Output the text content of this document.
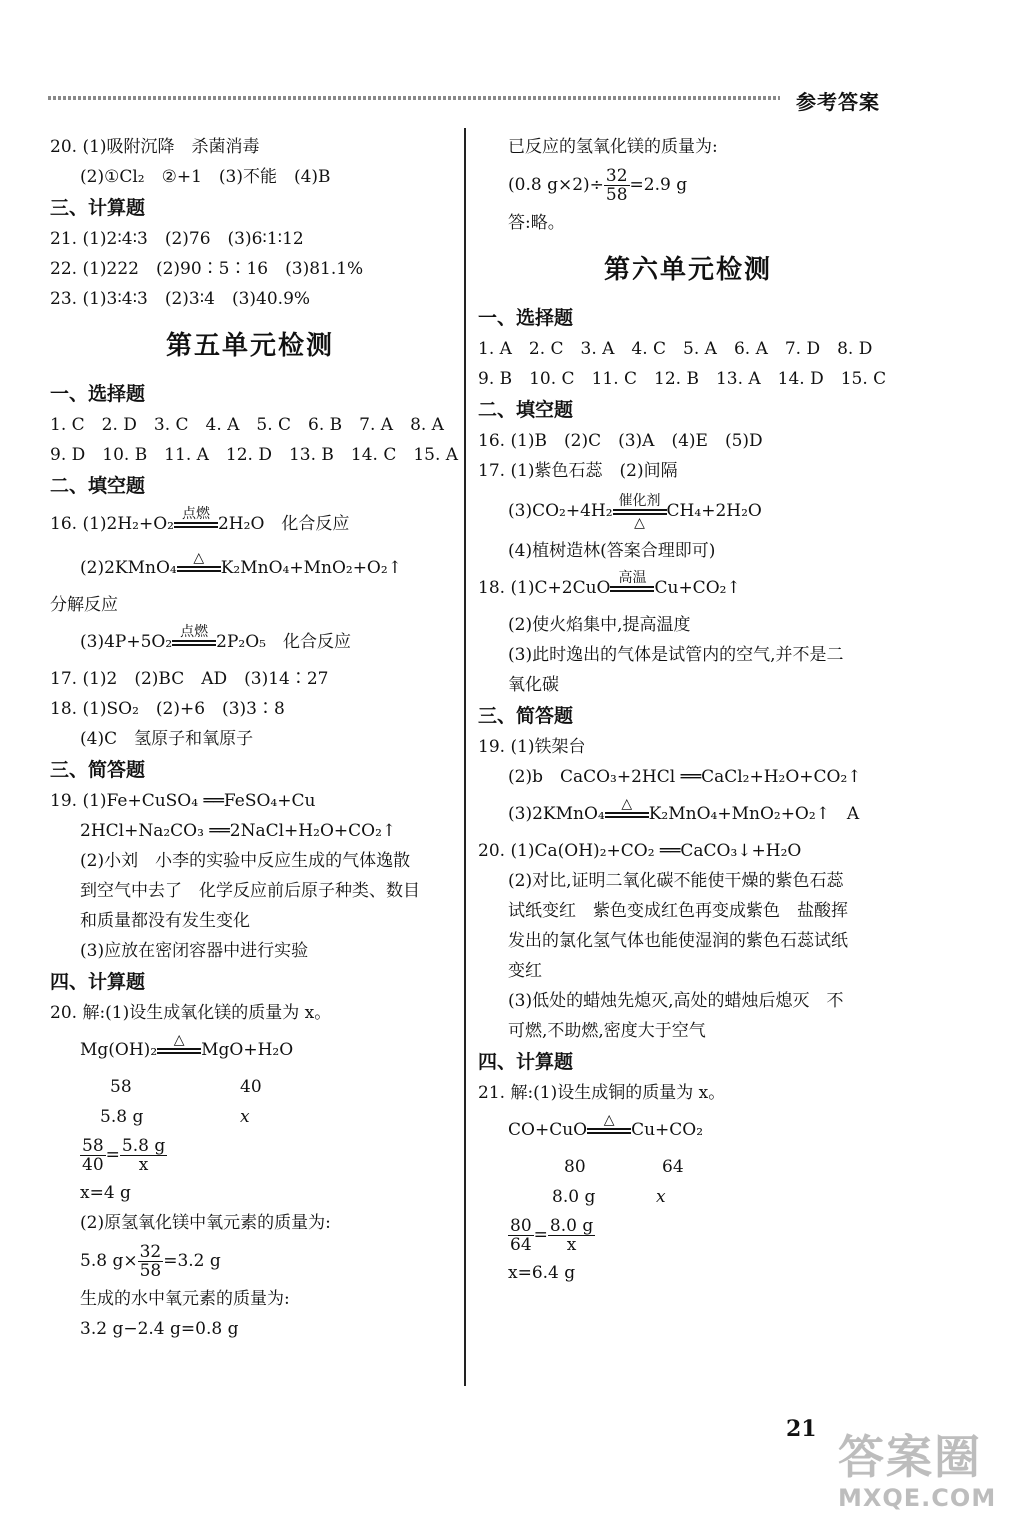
参考答案
20. (1)吸附沉降　杀菌消毒
(2)①Cl₂　②+1　(3)不能　(4)B
三、计算题
21. (1)2∶4∶3　(2)76　(3)6∶1∶12
22. (1)222　(2)90∶5∶16　(3)81.1%
23. (1)3∶4∶3　(2)3∶4　(3)40.9%
第五单元检测
一、选择题
1. C　2. D　3. C　4. A　5. C　6. B　7. A　8. A
9. D　10. B　11. A　12. D　13. B　14. C　15. A
二、填空题
16. (1)2H₂+O₂
点燃

2H₂O　化合反应
(2)2KMnO₄
△

K₂MnO₄+MnO₂+O₂↑
分解反应
(3)4P+5O₂
点燃

2P₂O₅　化合反应
17. (1)2　(2)BC　AD　(3)14∶27
18. (1)SO₂　(2)+6　(3)3∶8
(4)C　氢原子和氧原子
三、简答题
19. (1)Fe+CuSO₄ ══FeSO₄+Cu
2HCl+Na₂CO₃ ══2NaCl+H₂O+CO₂↑
(2)小刘　小李的实验中反应生成的气体逸散
到空气中去了　化学反应前后原子种类、数目
和质量都没有发生变化
(3)应放在密闭容器中进行实验
四、计算题
20. 解:(1)设生成氧化镁的质量为 x。
Mg(OH)₂
△

MgO+H₂O
58	40
5.8 g	x
$\frac{58}{40} = \frac{5.8 g}{x}$
x=4 g
(2)原氢氧化镁中氧元素的质量为:
5.8 $g\times \frac{32}{58} =3.2$ g
生成的水中氧元素的质量为:
3.2 g−2.4 g=0.8 g
已反应的氢氧化镁的质量为:
(0.8 $g\times 2)\div \frac{32}{58} =2.9$ g
答:略。
第六单元检测
一、选择题
1. A　2. C　3. A　4. C　5. A　6. A　7. D　8. D
9. B　10. C　11. C　12. B　13. A　14. D　15. C
二、填空题
16. (1)B　(2)C　(3)A　(4)E　(5)D
17. (1)紫色石蕊　(2)间隔
(3)CO₂+4H₂
催化剂
△
CH₄+2H₂O
(4)植树造林(答案合理即可)
18. (1)C+2CuO
高温

Cu+CO₂↑
(2)使火焰集中,提高温度
(3)此时逸出的气体是试管内的空气,并不是二
氧化碳
三、简答题
19. (1)铁架台
(2)b　CaCO₃+2HCl ══CaCl₂+H₂O+CO₂↑
(3)2KMnO₄
△

K₂MnO₄+MnO₂+O₂↑　A
20. (1)Ca(OH)₂+CO₂ ══CaCO₃↓+H₂O
(2)对比,证明二氧化碳不能使干燥的紫色石蕊
试纸变红　紫色变成红色再变成紫色　盐酸挥
发出的氯化氢气体也能使湿润的紫色石蕊试纸
变红
(3)低处的蜡烛先熄灭,高处的蜡烛后熄灭　不
可燃,不助燃,密度大于空气
四、计算题
21. 解:(1)设生成铜的质量为 x。
CO+CuO
△

Cu+CO₂
80	64
8.0 g	x
$\frac{80}{64} = \frac{8.0 g}{x}$
x=6.4 g
21
答案圈
MXQE.COM
